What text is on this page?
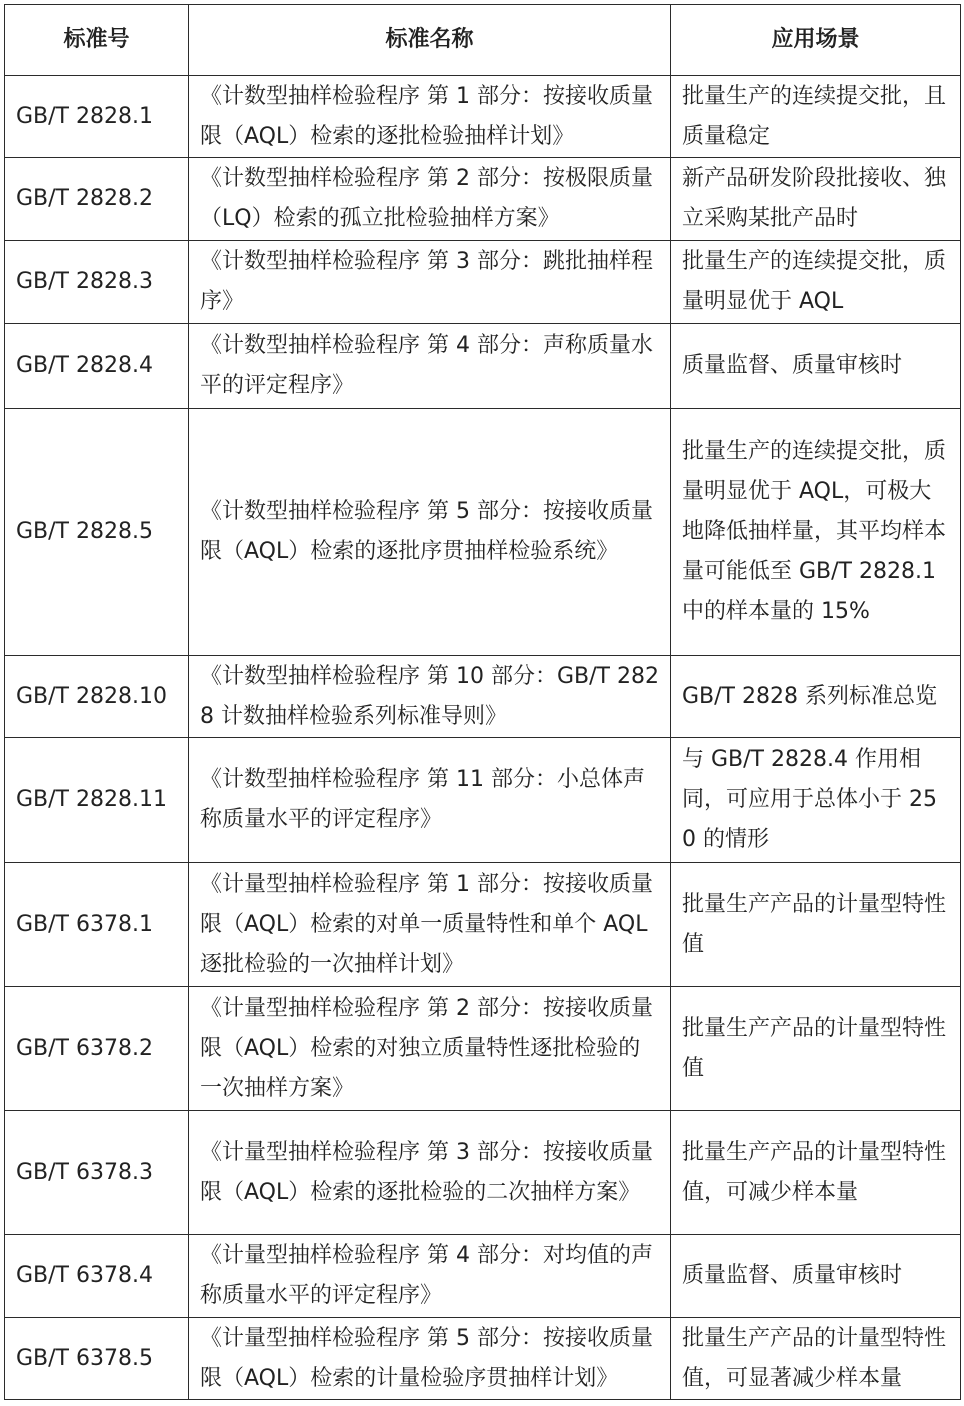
标准号	标准名称	应用场景
GB/T 2828.1	《计数型抽样检验程序 第 1 部分：按接收质量限（AQL）检索的逐批检验抽样计划》	批量生产的连续提交批，且质量稳定
GB/T 2828.2	《计数型抽样检验程序 第 2 部分：按极限质量（LQ）检索的孤立批检验抽样方案》	新产品研发阶段批接收、独立采购某批产品时
GB/T 2828.3	《计数型抽样检验程序 第 3 部分：跳批抽样程序》	批量生产的连续提交批，质量明显优于 AQL
GB/T 2828.4	《计数型抽样检验程序 第 4 部分：声称质量水平的评定程序》	质量监督、质量审核时
GB/T 2828.5	《计数型抽样检验程序 第 5 部分：按接收质量限（AQL）检索的逐批序贯抽样检验系统》	批量生产的连续提交批，质量明显优于 AQL，可极大地降低抽样量，其平均样本量可能低至 GB/T 2828.1 中的样本量的 15%
GB/T 2828.10	《计数型抽样检验程序 第 10 部分：GB/T 2828 计数抽样检验系列标准导则》	GB/T 2828 系列标准总览
GB/T 2828.11	《计数型抽样检验程序 第 11 部分：小总体声称质量水平的评定程序》	与 GB/T 2828.4 作用相同，可应用于总体小于 250 的情形
GB/T 6378.1	《计量型抽样检验程序 第 1 部分：按接收质量限（AQL）检索的对单一质量特性和单个 AQL 逐批检验的一次抽样计划》	批量生产产品的计量型特性值
GB/T 6378.2	《计量型抽样检验程序 第 2 部分：按接收质量限（AQL）检索的对独立质量特性逐批检验的一次抽样方案》	批量生产产品的计量型特性值
GB/T 6378.3	《计量型抽样检验程序 第 3 部分：按接收质量限（AQL）检索的逐批检验的二次抽样方案》	批量生产产品的计量型特性值，可减少样本量
GB/T 6378.4	《计量型抽样检验程序 第 4 部分：对均值的声称质量水平的评定程序》	质量监督、质量审核时
GB/T 6378.5	《计量型抽样检验程序 第 5 部分：按接收质量限（AQL）检索的计量检验序贯抽样计划》	批量生产产品的计量型特性值，可显著减少样本量
